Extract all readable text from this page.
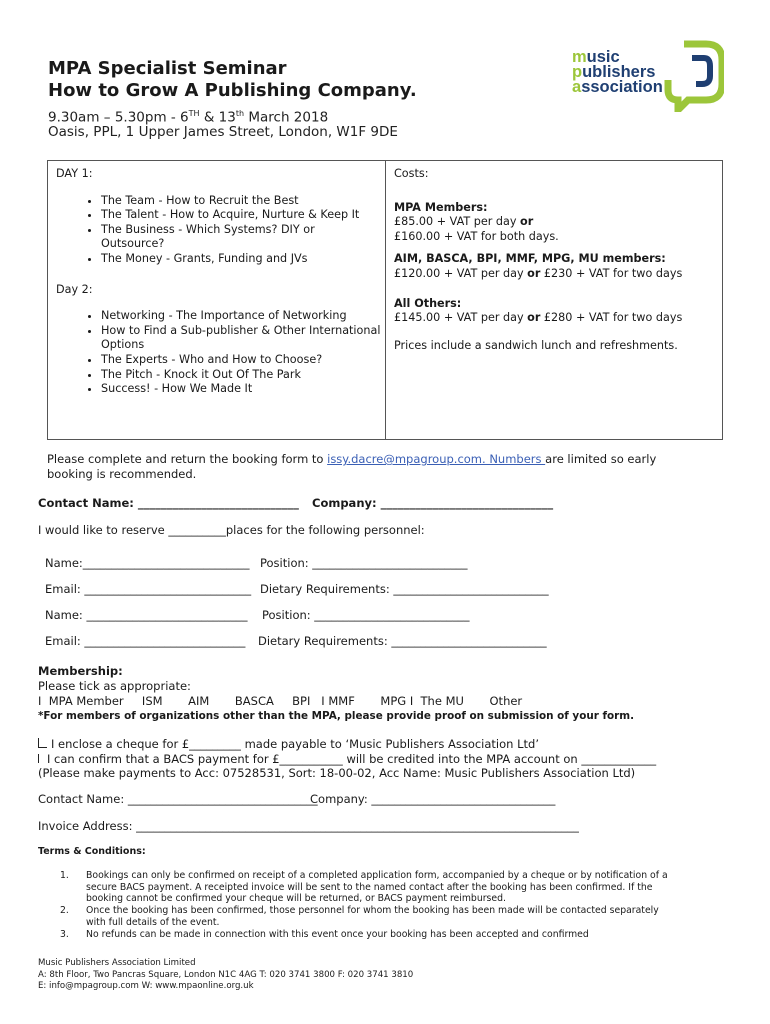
MPA Specialist Seminar
How to Grow A Publishing Company.
9.30am – 5.30pm - 6TH & 13th March 2018
Oasis, PPL, 1 Upper James Street, London, W1F 9DE
music
publishers
association
DAY 1:
• The Team - How to Recruit the Best
• The Talent - How to Acquire, Nurture & Keep It
• The Business - Which Systems? DIY or Outsource?
• The Money - Grants, Funding and JVs
Day 2:
• Networking - The Importance of Networking
• How to Find a Sub-publisher & Other International Options
• The Experts - Who and How to Choose?
• The Pitch - Knock it Out Of The Park
• Success! - How We Made It

Costs:

MPA Members:

£85.00 + VAT per day or

£160.00 + VAT for both days.

AIM, BASCA, BPI, MMF, MPG, MU members:

£120.00 + VAT per day or £230 + VAT for two days

All Others:

£145.00 + VAT per day or £280 + VAT for two days

Prices include a sandwich lunch and refreshments.

Please complete and return the booking form to issy.dacre@mpagroup.com. Numbers are limited so early
booking is recommended.
Contact Name: ____________________________ Company: ______________________________
I would like to reserve __________places for the following personnel:
Name:_____________________________ Position: ___________________________
Email: _____________________________ Dietary Requirements: ___________________________
Name: ____________________________ Position: ___________________________
Email: ____________________________ Dietary Requirements: ___________________________
Membership:
Please tick as appropriate:
I  MPA Member     ISM       AIM       BASCA     BPI   I MMF       MPG I  The MU       Other
*For members of organizations other than the MPA, please provide proof on submission of your form.
I enclose a cheque for £_________ made payable to ‘Music Publishers Association Ltd’
I can confirm that a BACS payment for £___________ will be credited into the MPA account on _____________
(Please make payments to Acc: 07528531, Sort: 18-00-02, Acc Name: Music Publishers Association Ltd)
Contact Name: _________________________________
Company: ________________________________
Invoice Address: _____________________________________________________________________________
Terms & Conditions:
1.	Bookings can only be confirmed on receipt of a completed application form, accompanied by a cheque or by notification of a
secure BACS payment. A receipted invoice will be sent to the named contact after the booking has been confirmed. If the
booking cannot be confirmed your cheque will be returned, or BACS payment reimbursed.
2.	Once the booking has been confirmed, those personnel for whom the booking has been made will be contacted separately
with full details of the event.
3.	No refunds can be made in connection with this event once your booking has been accepted and confirmed
Music Publishers Association Limited
A: 8th Floor, Two Pancras Square, London N1C 4AG T: 020 3741 3800 F: 020 3741 3810
E: info@mpagroup.com W: www.mpaonline.org.uk
